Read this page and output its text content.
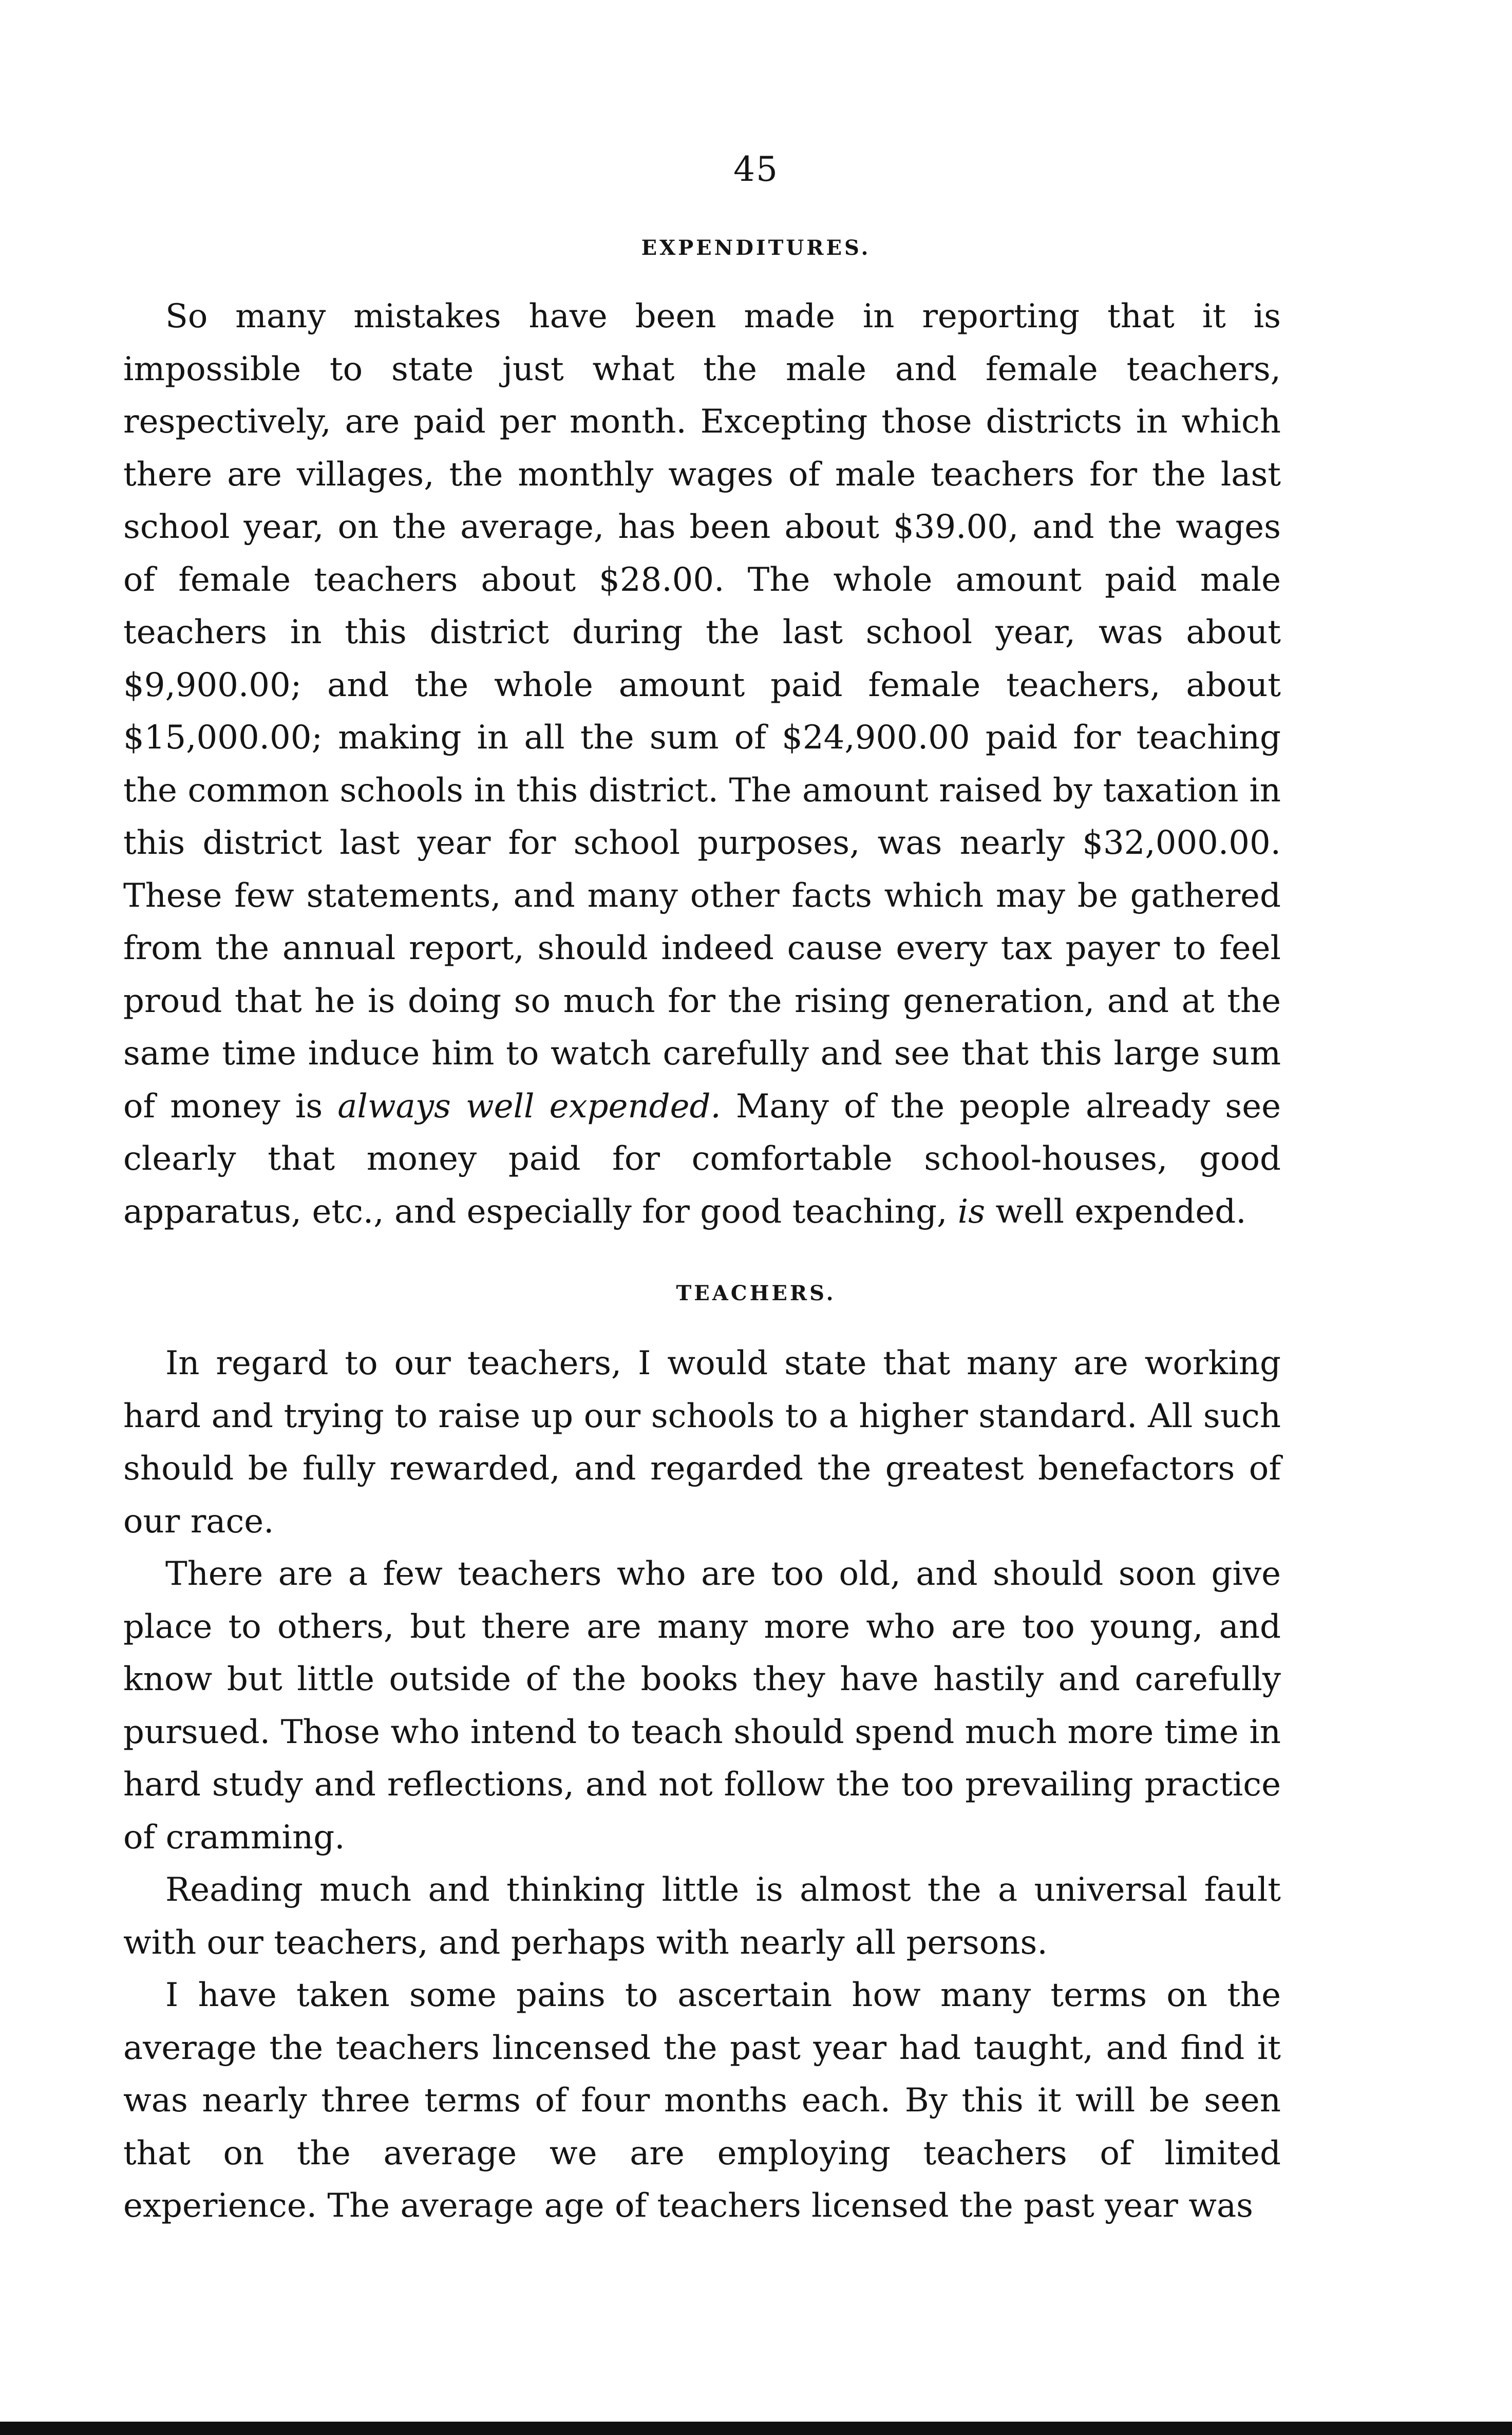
45
EXPENDITURES.

So many mistakes have been made in reporting that it is impossible to state just what the male and female teachers, respectively, are paid per month. Excepting those districts in which there are villages, the monthly wages of male teachers for the last school year, on the average, has been about $39.00, and the wages of female teachers about $28.00. The whole amount paid male teachers in this district during the last school year, was about $9,900.00; and the whole amount paid female teachers, about $15,000.00; making in all the sum of $24,900.00 paid for teaching the common schools in this district. The amount raised by taxation in this district last year for school purposes, was nearly $32,000.00. These few statements, and many other facts which may be gathered from the annual report, should indeed cause every tax payer to feel proud that he is doing so much for the rising generation, and at the same time induce him to watch carefully and see that this large sum of money is always well expended. Many of the people already see clearly that money paid for comfortable school-houses, good apparatus, etc., and especially for good teaching, is well expended.

TEACHERS.

In regard to our teachers, I would state that many are working hard and trying to raise up our schools to a higher standard. All such should be fully rewarded, and regarded the greatest benefactors of our race.

There are a few teachers who are too old, and should soon give place to others, but there are many more who are too young, and know but little outside of the books they have hastily and carefully pursued. Those who intend to teach should spend much more time in hard study and reflections, and not follow the too prevailing practice of cramming.

Reading much and thinking little is almost the a universal fault with our teachers, and perhaps with nearly all persons.

I have taken some pains to ascertain how many terms on the average the teachers lincensed the past year had taught, and find it was nearly three terms of four months each. By this it will be seen that on the average we are employing teachers of limited experience. The average age of teachers licensed the past year was
